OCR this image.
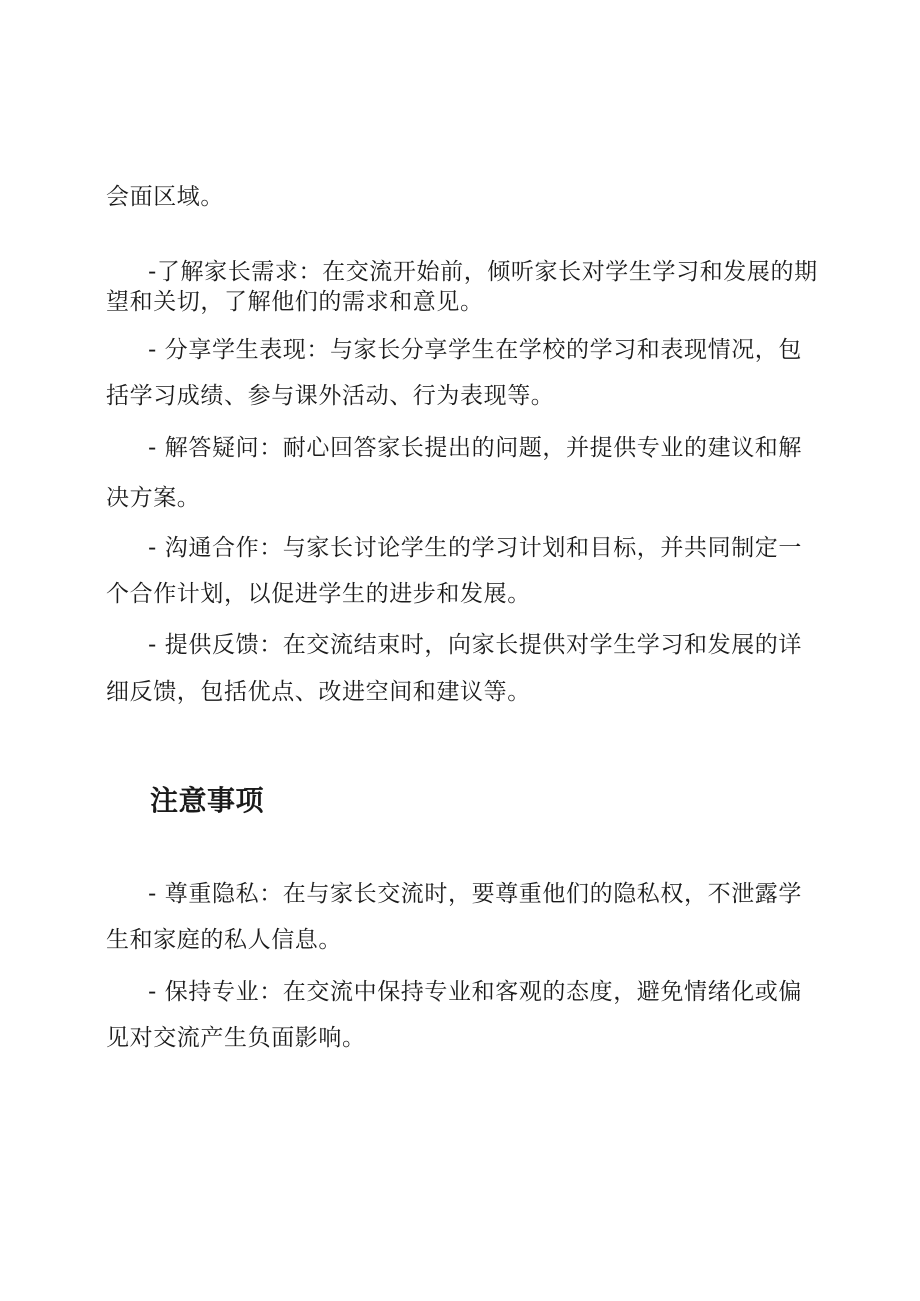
会面区域。

-了解家长需求：在交流开始前，倾听家长对学生学习和发展的期

望和关切，了解他们的需求和意见。

- 分享学生表现：与家长分享学生在学校的学习和表现情况，包

括学习成绩、参与课外活动、行为表现等。

- 解答疑问：耐心回答家长提出的问题，并提供专业的建议和解

决方案。

- 沟通合作：与家长讨论学生的学习计划和目标，并共同制定一

个合作计划，以促进学生的进步和发展。

- 提供反馈：在交流结束时，向家长提供对学生学习和发展的详

细反馈，包括优点、改进空间和建议等。

注意事项

- 尊重隐私：在与家长交流时，要尊重他们的隐私权，不泄露学

生和家庭的私人信息。

- 保持专业：在交流中保持专业和客观的态度，避免情绪化或偏

见对交流产生负面影响。
